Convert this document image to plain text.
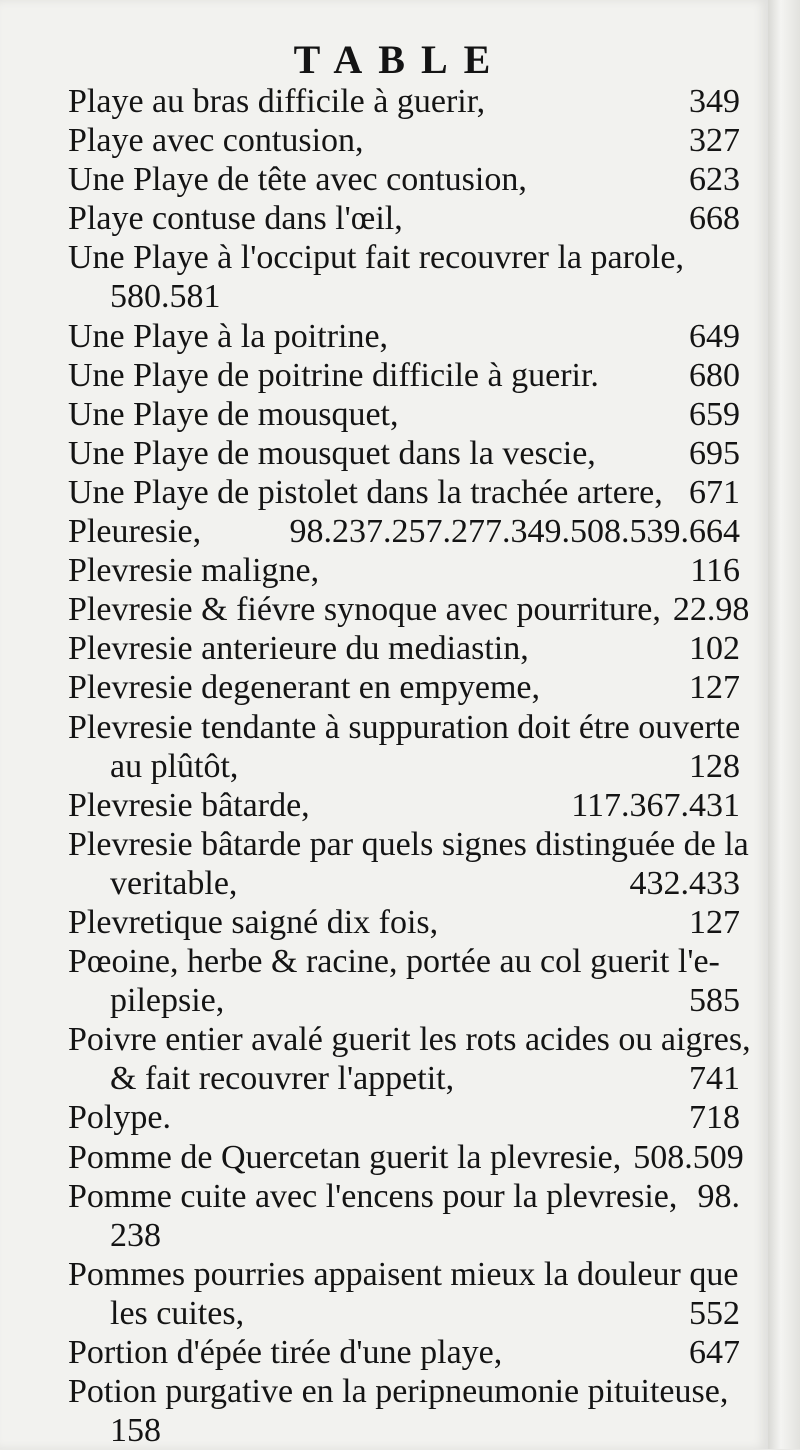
TABLE
Playe au bras difficile à guerir,	349
Playe avec contusion,	327
Une Playe de tête avec contusion,	623
Playe contuse dans l'œil,	668
Une Playe à l'occiput fait recouvrer la parole,
580.581
Une Playe à la poitrine,	649
Une Playe de poitrine difficile à guerir.	680
Une Playe de mousquet,	659
Une Playe de mousquet dans la vescie,	695
Une Playe de pistolet dans la trachée artere, 671
Pleuresie,	98.237.257.277.349.508.539.664
Plevresie maligne,	116
Plevresie & fiévre synoque avec pourriture, 22.98
Plevresie anterieure du mediastin,	102
Plevresie degenerant en empyeme,	127
Plevresie tendante à suppuration doit étre ouverte
au plûtôt,	128
Plevresie bâtarde,	117.367.431
Plevresie bâtarde par quels signes distinguée de la
veritable,	432.433
Plevretique saigné dix fois,	127
Pœoine, herbe & racine, portée au col guerit l'e-
pilepsie,	585
Poivre entier avalé guerit les rots acides ou aigres,
& fait recouvrer l'appetit,	741
Polype.	718
Pomme de Quercetan guerit la plevresie, 508.509
Pomme cuite avec l'encens pour la plevresie, 98.
238
Pommes pourries appaisent mieux la douleur que
les cuites,	552
Portion d'épée tirée d'une playe,	647
Potion purgative en la peripneumonie pituiteuse,
158
